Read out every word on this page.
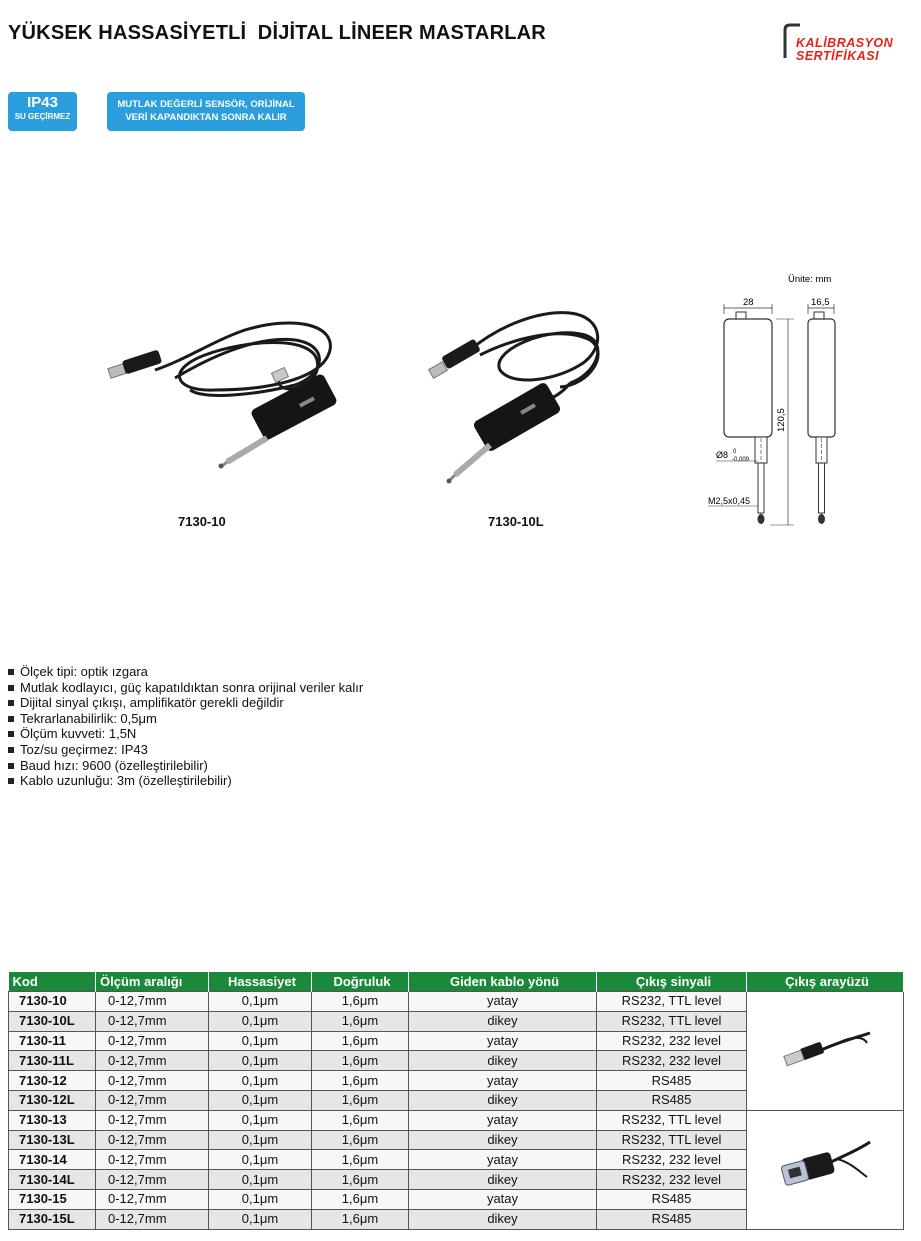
YÜKSEK HASSASİYETLİ  DİJİTAL LİNEER MASTARLAR	KALİBRASYON
SERTİFİKASI
IP43
SU GEÇİRMEZ
MUTLAK DEĞERLİ SENSÖR, ORİJİNAL
VERİ KAPANDIKTAN SONRA KALIR
7130-10	7130-10L
Ünite: mm
28
120,5
Ø8 0
-0,009
M2,5x0,45
16,5
Ölçek tipi: optik ızgara
Mutlak kodlayıcı, güç kapatıldıktan sonra orijinal veriler kalır
Dijital sinyal çıkışı, amplifikatör gerekli değildir
Tekrarlanabilirlik: 0,5μm
Ölçüm kuvveti: 1,5N
Toz/su geçirmez: IP43
Baud hızı: 9600 (özelleştirilebilir)
Kablo uzunluğu: 3m (özelleştirilebilir)
Kod	Ölçüm aralığı	Hassasiyet	Doğruluk	Giden kablo yönü	Çıkış sinyali	Çıkış arayüzü
7130-10	0-12,7mm	0,1μm	1,6μm	yatay	RS232, TTL level	
7130-10L	0-12,7mm	0,1μm	1,6μm	dikey	RS232, TTL level	
7130-11	0-12,7mm	0,1μm	1,6μm	yatay	RS232, 232 level	
7130-11L	0-12,7mm	0,1μm	1,6μm	dikey	RS232, 232 level	
7130-12	0-12,7mm	0,1μm	1,6μm	yatay	RS485	
7130-12L	0-12,7mm	0,1μm	1,6μm	dikey	RS485	
7130-13	0-12,7mm	0,1μm	1,6μm	yatay	RS232, TTL level	
7130-13L	0-12,7mm	0,1μm	1,6μm	dikey	RS232, TTL level	
7130-14	0-12,7mm	0,1μm	1,6μm	yatay	RS232, 232 level	
7130-14L	0-12,7mm	0,1μm	1,6μm	dikey	RS232, 232 level	
7130-15	0-12,7mm	0,1μm	1,6μm	yatay	RS485	
7130-15L	0-12,7mm	0,1μm	1,6μm	dikey	RS485	
